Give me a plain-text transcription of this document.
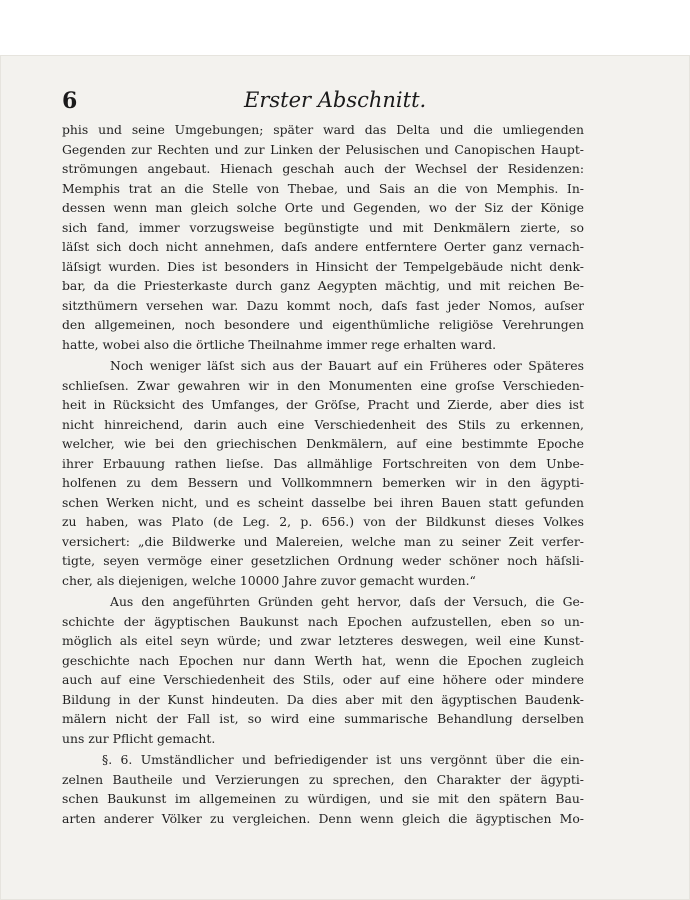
6	Erster Abschnitt.
phis und seine Umgebungen; später ward das Delta und die umliegenden
Gegenden zur Rechten und zur Linken der Pelusischen und Canopischen Haupt-
strömungen angebaut. Hienach geschah auch der Wechsel der Residenzen:
Memphis trat an die Stelle von Thebae, und Sais an die von Memphis. In-
dessen wenn man gleich solche Orte und Gegenden, wo der Siz der Könige
sich fand, immer vorzugsweise begünstigte und mit Denkmälern zierte, so
läſst sich doch nicht annehmen, daſs andere entferntere Oerter ganz vernach-
läſsigt wurden. Dies ist besonders in Hinsicht der Tempelgebäude nicht denk-
bar, da die Priesterkaste durch ganz Aegypten mächtig, und mit reichen Be-
sitzthümern versehen war. Dazu kommt noch, daſs fast jeder Nomos, auſser
den allgemeinen, noch besondere und eigenthümliche religiöse Verehrungen
hatte, wobei also die örtliche Theilnahme immer rege erhalten ward.
Noch weniger läſst sich aus der Bauart auf ein Früheres oder Späteres
schlieſsen. Zwar gewahren wir in den Monumenten eine groſse Verschieden-
heit in Rücksicht des Umfanges, der Gröſse, Pracht und Zierde, aber dies ist
nicht hinreichend, darin auch eine Verschiedenheit des Stils zu erkennen,
welcher, wie bei den griechischen Denkmälern, auf eine bestimmte Epoche
ihrer Erbauung rathen lieſse. Das allmählige Fortschreiten von dem Unbe-
holfenen zu dem Bessern und Vollkommnern bemerken wir in den ägypti-
schen Werken nicht, und es scheint dasselbe bei ihren Bauen statt gefunden
zu haben, was Plato (de Leg. 2, p. 656.) von der Bildkunst dieses Volkes
versichert: „die Bildwerke und Malereien, welche man zu seiner Zeit verfer-
tigte, seyen vermöge einer gesetzlichen Ordnung weder schöner noch häſsli-
cher, als diejenigen, welche 10000 Jahre zuvor gemacht wurden.“
Aus den angeführten Gründen geht hervor, daſs der Versuch, die Ge-
schichte der ägyptischen Baukunst nach Epochen aufzustellen, eben so un-
möglich als eitel seyn würde; und zwar letzteres deswegen, weil eine Kunst-
geschichte nach Epochen nur dann Werth hat, wenn die Epochen zugleich
auch auf eine Verschiedenheit des Stils, oder auf eine höhere oder mindere
Bildung in der Kunst hindeuten. Da dies aber mit den ägyptischen Baudenk-
mälern nicht der Fall ist, so wird eine summarische Behandlung derselben
uns zur Pflicht gemacht.
§. 6. Umständlicher und befriedigender ist uns vergönnt über die ein-
zelnen Bautheile und Verzierungen zu sprechen, den Charakter der ägypti-
schen Baukunst im allgemeinen zu würdigen, und sie mit den spätern Bau-
arten anderer Völker zu vergleichen. Denn wenn gleich die ägyptischen Mo-
